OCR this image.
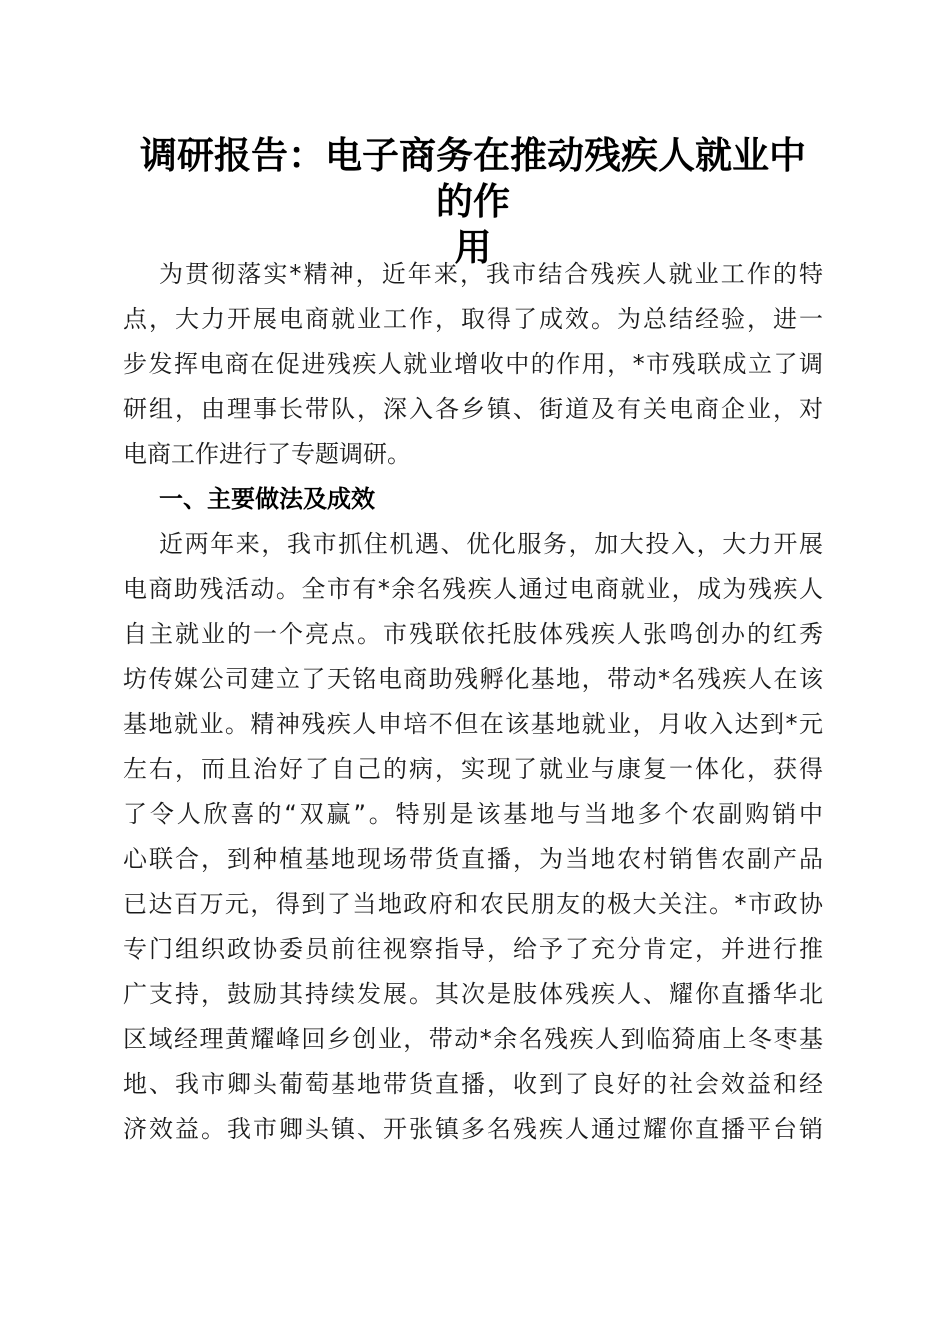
调研报告：电子商务在推动残疾人就业中的作
用
为贯彻落实*精神，近年来，我市结合残疾人就业工作的特
点，大力开展电商就业工作，取得了成效。为总结经验，进一
步发挥电商在促进残疾人就业增收中的作用，*市残联成立了调
研组，由理事长带队，深入各乡镇、街道及有关电商企业，对
电商工作进行了专题调研。
一、主要做法及成效
近两年来，我市抓住机遇、优化服务，加大投入，大力开展
电商助残活动。全市有*余名残疾人通过电商就业，成为残疾人
自主就业的一个亮点。市残联依托肢体残疾人张鸣创办的红秀
坊传媒公司建立了天铭电商助残孵化基地，带动*名残疾人在该
基地就业。精神残疾人申培不但在该基地就业，月收入达到*元
左右，而且治好了自己的病，实现了就业与康复一体化，获得
了令人欣喜的“双赢”。特别是该基地与当地多个农副购销中
心联合，到种植基地现场带货直播，为当地农村销售农副产品
已达百万元，得到了当地政府和农民朋友的极大关注。*市政协
专门组织政协委员前往视察指导，给予了充分肯定，并进行推
广支持，鼓励其持续发展。其次是肢体残疾人、耀你直播华北
区域经理黄耀峰回乡创业，带动*余名残疾人到临猗庙上冬枣基
地、我市卿头葡萄基地带货直播，收到了良好的社会效益和经
济效益。我市卿头镇、开张镇多名残疾人通过耀你直播平台销
